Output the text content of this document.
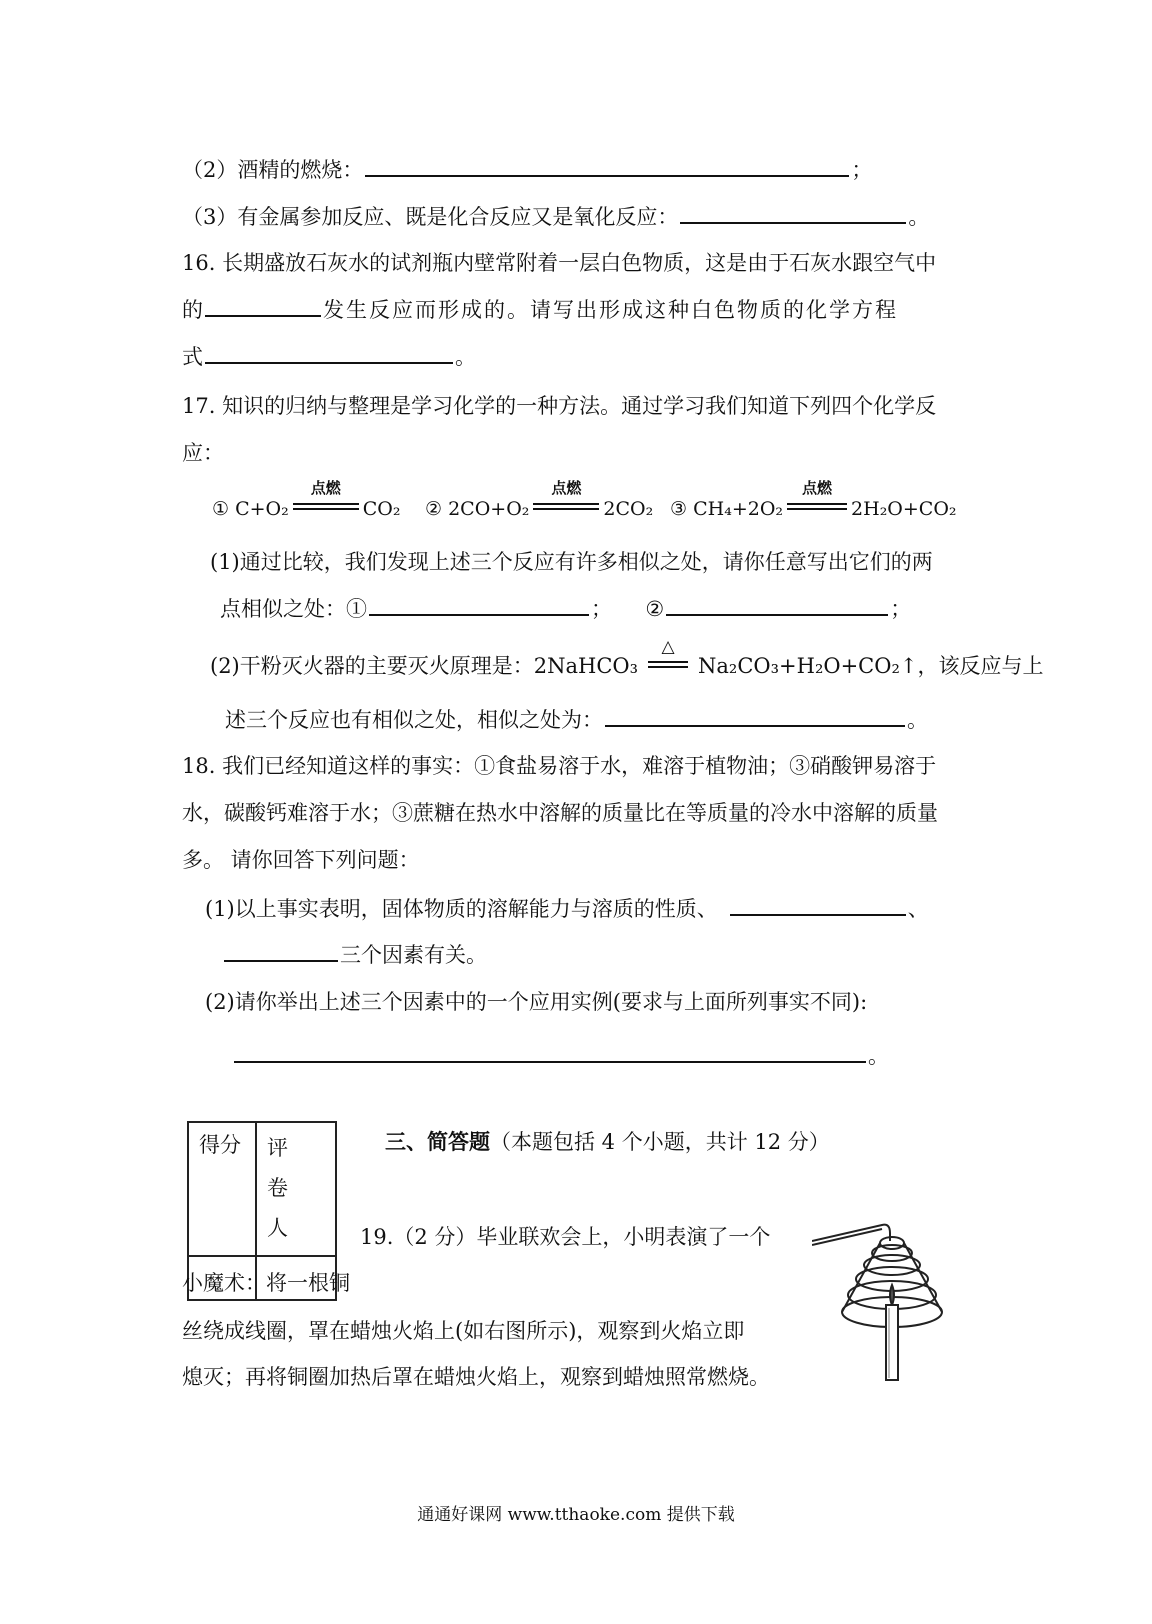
（2）酒精的燃烧：	；
（3）有金属参加反应、既是化合反应又是氧化反应：	。
16. 长期盛放石灰水的试剂瓶内壁常附着一层白色物质，这是由于石灰水跟空气中
的	发生反应而形成的。请写出形成这种白色物质的化学方程
式	。
17. 知识的归纳与整理是学习化学的一种方法。通过学习我们知道下列四个化学反
应：
① C+O₂
点燃
CO₂ ② 2CO+O₂
点燃
2CO₂ ③ CH₄+2O₂
点燃
2H₂O+CO₂
(1)通过比较，我们发现上述三个反应有许多相似之处，请你任意写出它们的两
点相似之处：①	； ②	；
(2)干粉灭火器的主要灭火原理是：2NaHCO₃
△
Na₂CO₃+H₂O+CO₂↑，该反应与上
述三个反应也有相似之处，相似之处为：	。
18. 我们已经知道这样的事实：①食盐易溶于水，难溶于植物油；③硝酸钾易溶于
水，碳酸钙难溶于水；③蔗糖在热水中溶解的质量比在等质量的冷水中溶解的质量
多。 请你回答下列问题：
(1)以上事实表明，固体物质的溶解能力与溶质的性质、	、
三个因素有关。
(2)请你举出上述三个因素中的一个应用实例(要求与上面所列事实不同):
。
得分	评　卷
人

三、简答题（本题包括 4 个小题，共计 12 分）
19.（2 分）毕业联欢会上，小明表演了一个
小魔术：将一根铜
丝绕成线圈，罩在蜡烛火焰上(如右图所示)，观察到火焰立即
熄灭；再将铜圈加热后罩在蜡烛火焰上，观察到蜡烛照常燃烧。
通通好课网 www.tthaoke.com 提供下载
